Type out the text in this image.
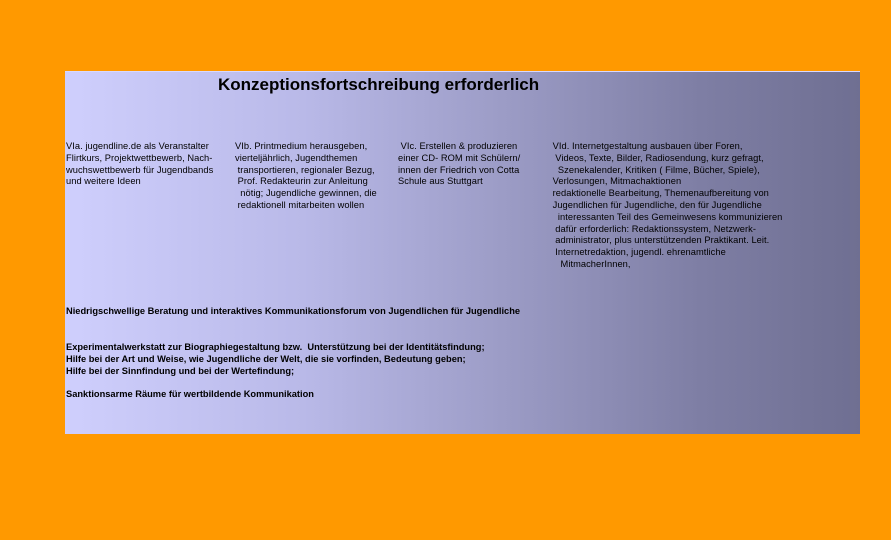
Konzeptionsfortschreibung erforderlich
VIa. jugendline.de als Veranstalter
Flirtkurs, Projektwettbewerb, Nach-
wuchswettbewerb für Jugendbands
und weitere Ideen
VIb. Printmedium herausgeben,
vierteljährlich, Jugendthemen
transportieren, regionaler Bezug,
Prof. Redakteurin zur Anleitung
nötig; Jugendliche gewinnen, die
redaktionell mitarbeiten wollen
VIc. Erstellen & produzieren
einer CD- ROM mit Schülern/
innen der Friedrich von Cotta
Schule aus Stuttgart
VId. Internetgestaltung ausbauen über Foren,
Videos, Texte, Bilder, Radiosendung, kurz gefragt,
Szenekalender, Kritiken ( Filme, Bücher, Spiele),
Verlosungen, Mitmachaktionen
redaktionelle Bearbeitung, Themenaufbereitung von
Jugendlichen für Jugendliche, den für Jugendliche
interessanten Teil des Gemeinwesens kommunizieren
dafür erforderlich: Redaktionssystem, Netzwerk-
administrator, plus unterstützenden Praktikant. Leit.
Internetredaktion, jugendl. ehrenamtliche
MitmacherInnen,
Niedrigschwellige Beratung und interaktives Kommunikationsforum von Jugendlichen für Jugendliche
Experimentalwerkstatt zur Biographiegestaltung bzw.  Unterstützung bei der Identitätsfindung;
Hilfe bei der Art und Weise, wie Jugendliche der Welt, die sie vorfinden, Bedeutung geben;
Hilfe bei der Sinnfindung und bei der Wertefindung;
Sanktionsarme Räume für wertbildende Kommunikation
